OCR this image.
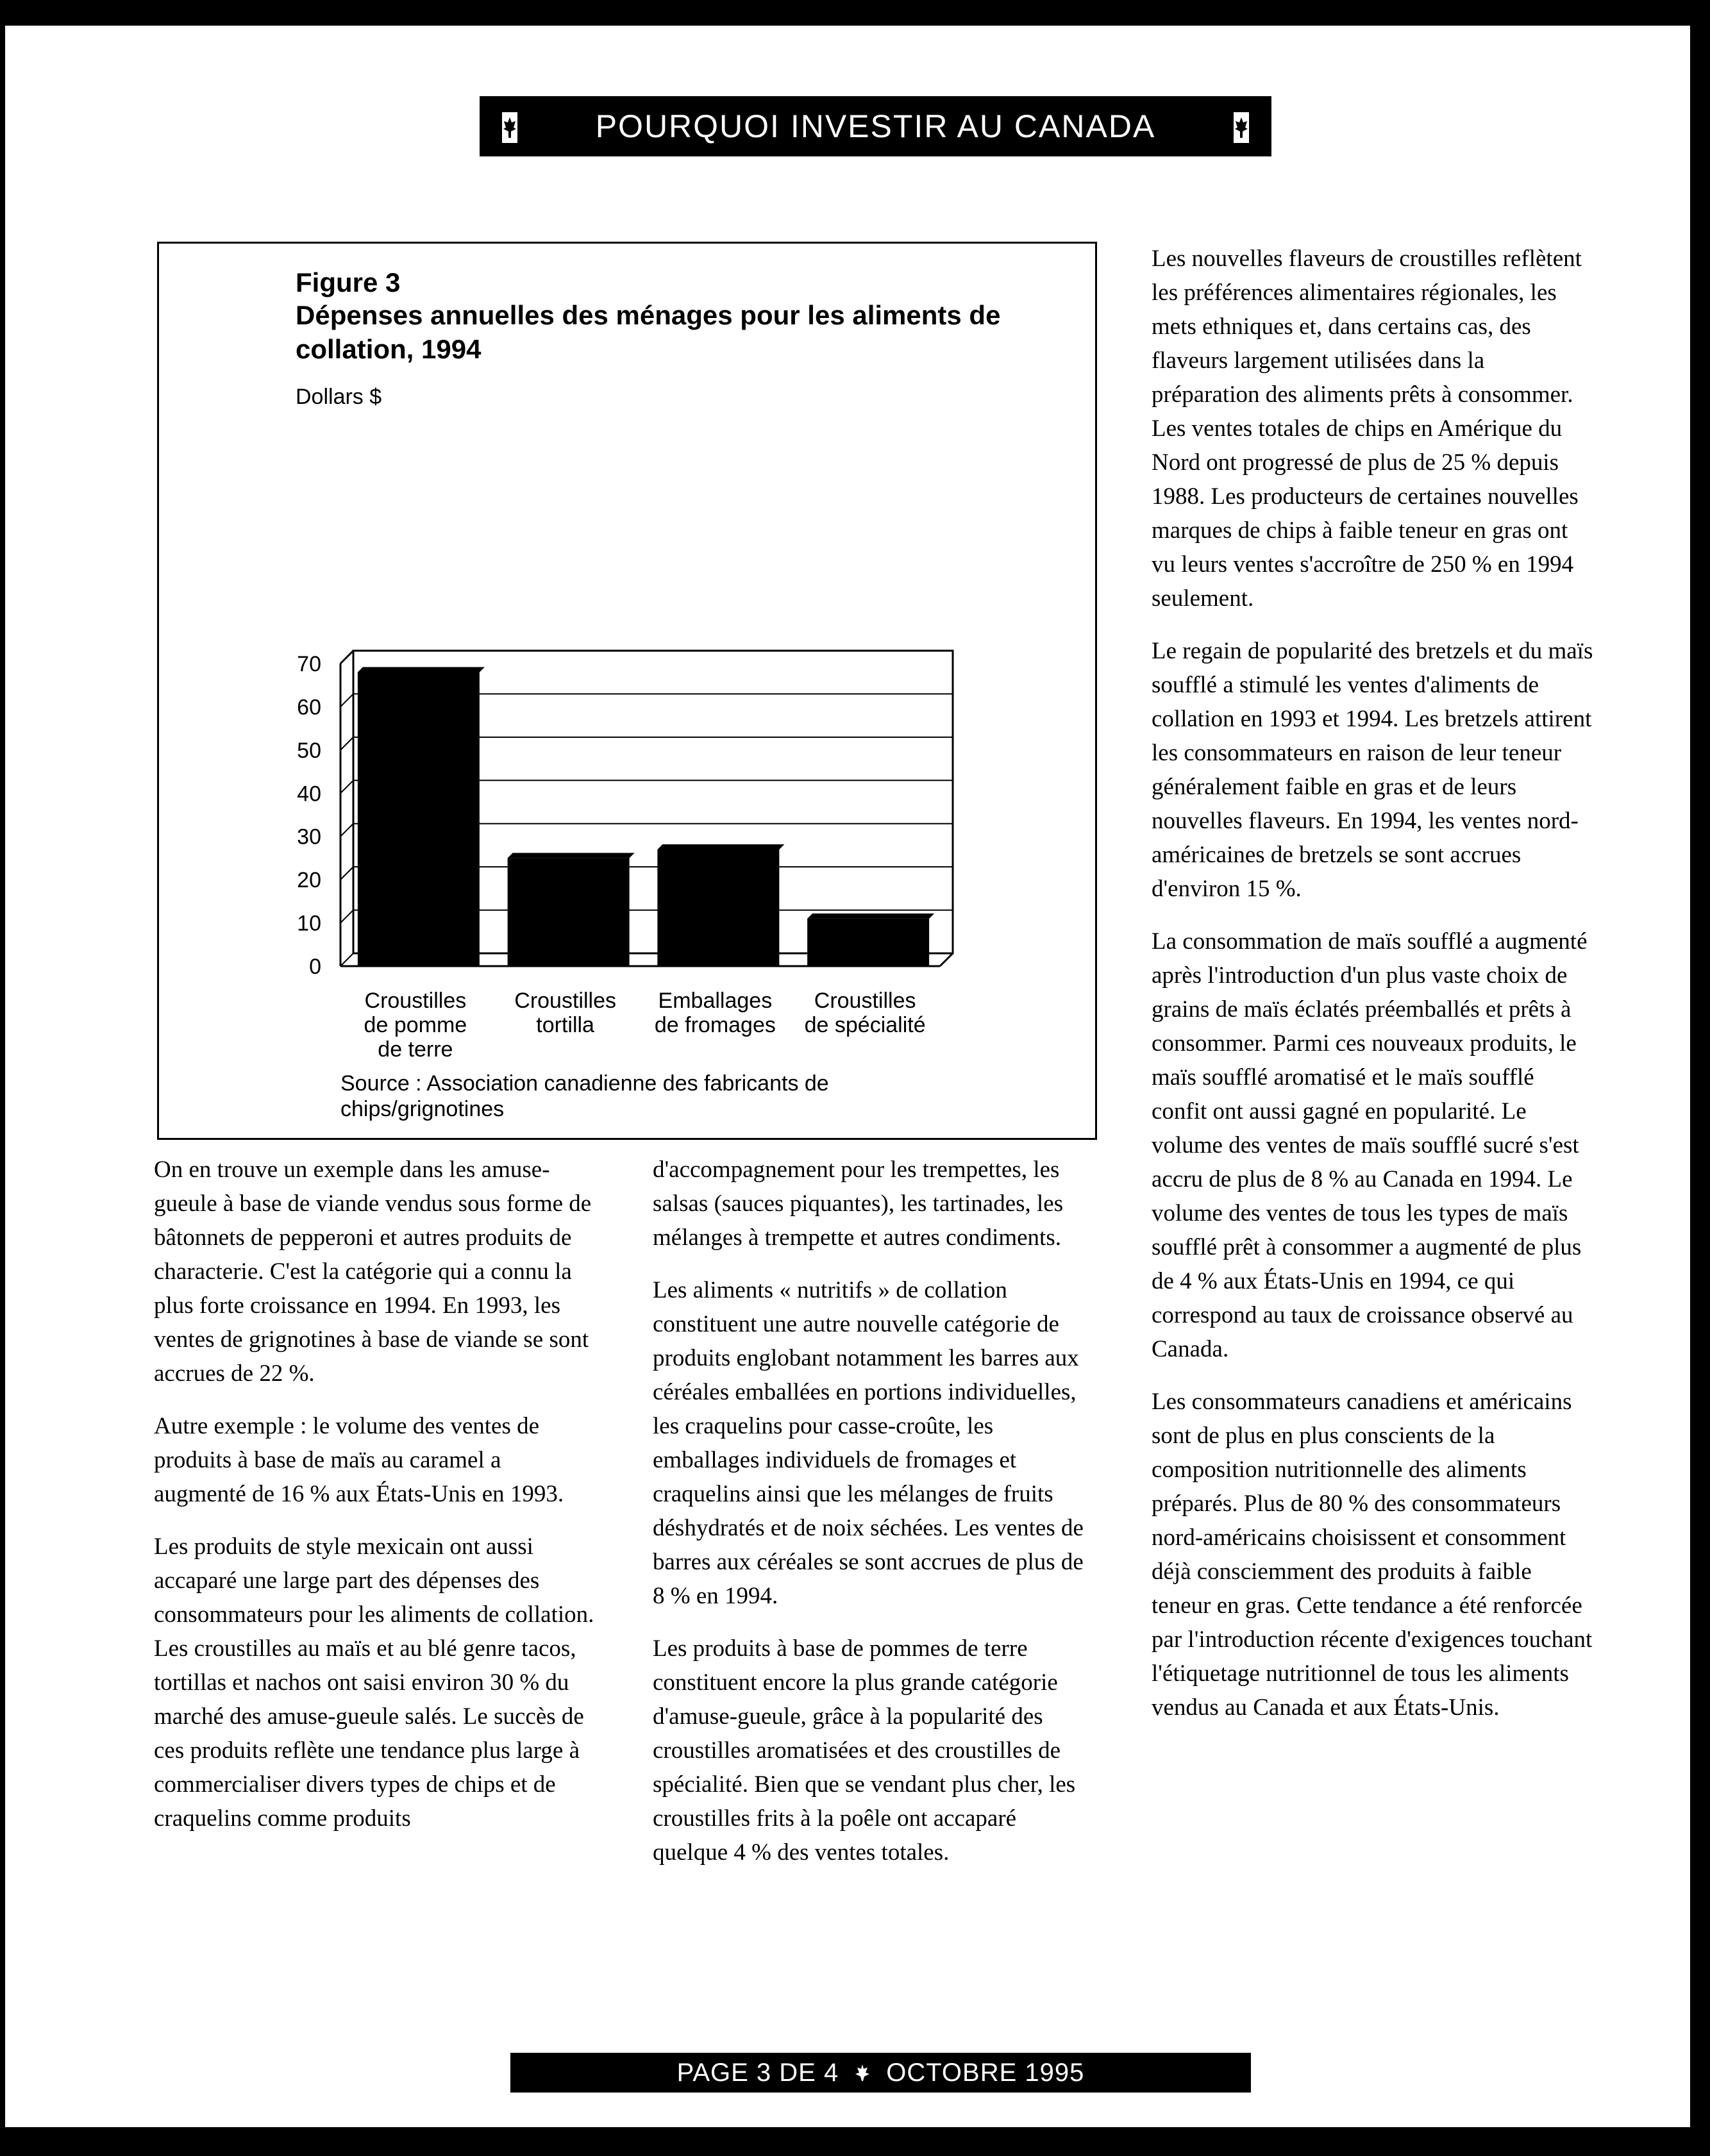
POURQUOI INVESTIR AU CANADA
Figure 3
Dépenses annuelles des ménages pour les aliments de collation, 1994
Dollars $
0
10
20
30
40
50
60
70
Croustilles
de pomme
de terre
Croustilles
tortilla
Emballages
de fromages
Croustilles
de spécialité
Source : Association canadienne des fabricants de chips/grignotines

Les nouvelles flaveurs de croustilles reflètent les préférences alimentaires régionales, les mets ethniques et, dans certains cas, des flaveurs largement utilisées dans la préparation des aliments prêts à consommer. Les ventes totales de chips en Amérique du Nord ont progressé de plus de 25 % depuis 1988. Les producteurs de certaines nouvelles marques de chips à faible teneur en gras ont vu leurs ventes s'accroître de 250 % en 1994 seulement.

Le regain de popularité des bretzels et du maïs soufflé a stimulé les ventes d'aliments de collation en 1993 et 1994. Les bretzels attirent les consommateurs en raison de leur teneur généralement faible en gras et de leurs nouvelles flaveurs. En 1994, les ventes nord-américaines de bretzels se sont accrues d'environ 15 %.

La consommation de maïs soufflé a augmenté après l'introduction d'un plus vaste choix de grains de maïs éclatés préemballés et prêts à consommer. Parmi ces nouveaux produits, le maïs soufflé aromatisé et le maïs soufflé confit ont aussi gagné en popularité. Le volume des ventes de maïs soufflé sucré s'est accru de plus de 8 % au Canada en 1994. Le volume des ventes de tous les types de maïs soufflé prêt à consommer a augmenté de plus de 4 % aux États-Unis en 1994, ce qui correspond au taux de croissance observé au Canada.

Les consommateurs canadiens et américains sont de plus en plus conscients de la composition nutritionnelle des aliments préparés. Plus de 80 % des consommateurs nord-américains choisissent et consomment déjà consciemment des produits à faible teneur en gras. Cette tendance a été renforcée par l'introduction récente d'exigences touchant l'étiquetage nutritionnel de tous les aliments vendus au Canada et aux États-Unis.

On en trouve un exemple dans les amuse-gueule à base de viande vendus sous forme de bâtonnets de pepperoni et autres produits de characterie. C'est la catégorie qui a connu la plus forte croissance en 1994. En 1993, les ventes de grignotines à base de viande se sont accrues de 22 %.

Autre exemple : le volume des ventes de produits à base de maïs au caramel a augmenté de 16 % aux États-Unis en 1993.

Les produits de style mexicain ont aussi accaparé une large part des dépenses des consommateurs pour les aliments de collation. Les croustilles au maïs et au blé genre tacos, tortillas et nachos ont saisi environ 30 % du marché des amuse-gueule salés. Le succès de ces produits reflète une tendance plus large à commercialiser divers types de chips et de craquelins comme produits

d'accompagnement pour les trempettes, les salsas (sauces piquantes), les tartinades, les mélanges à trempette et autres condiments.

Les aliments « nutritifs » de collation constituent une autre nouvelle catégorie de produits englobant notamment les barres aux céréales emballées en portions individuelles, les craquelins pour casse-croûte, les emballages individuels de fromages et craquelins ainsi que les mélanges de fruits déshydratés et de noix séchées. Les ventes de barres aux céréales se sont accrues de plus de 8 % en 1994.

Les produits à base de pommes de terre constituent encore la plus grande catégorie d'amuse-gueule, grâce à la popularité des croustilles aromatisées et des croustilles de spécialité. Bien que se vendant plus cher, les croustilles frits à la poêle ont accaparé quelque 4 % des ventes totales.

PAGE 3 DE 4 OCTOBRE 1995
